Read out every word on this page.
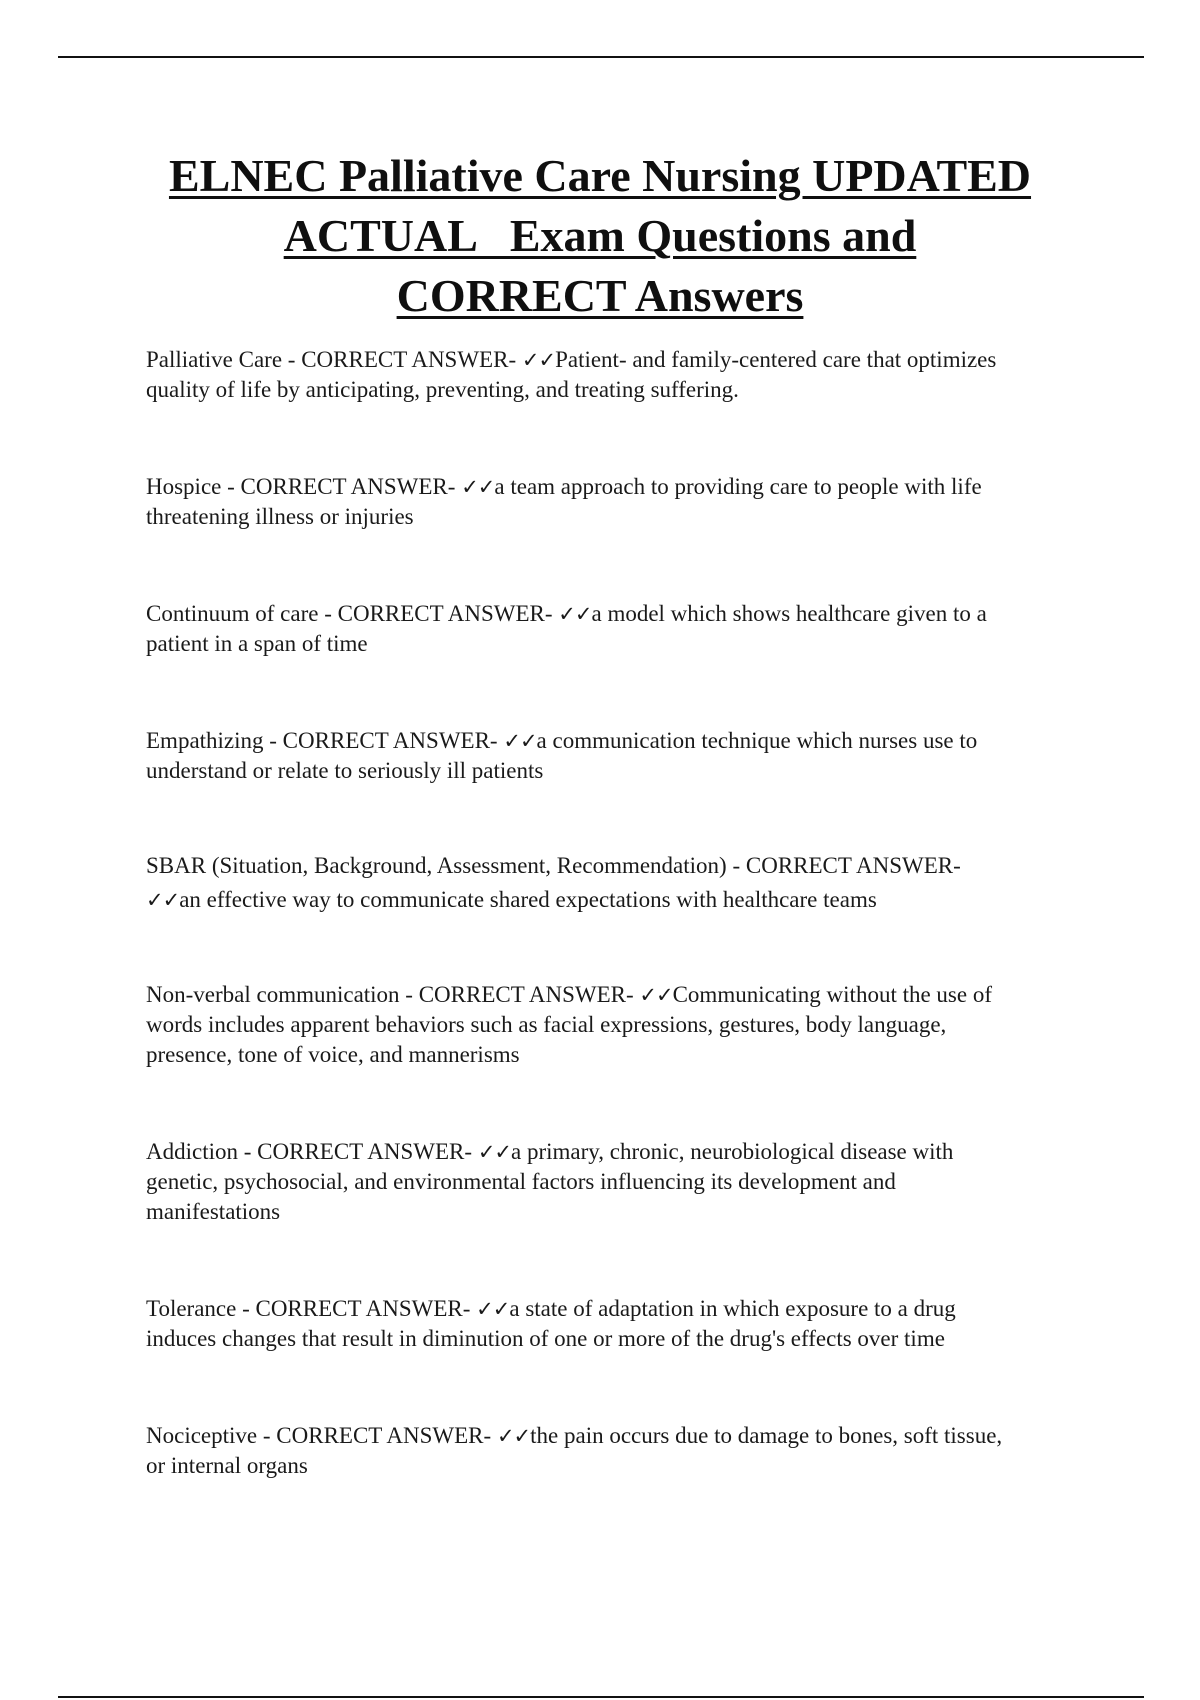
ELNEC Palliative Care Nursing UPDATED
ACTUAL   Exam Questions and
CORRECT Answers

Palliative Care - CORRECT ANSWER- ✓✓Patient- and family-centered care that optimizes
quality of life by anticipating, preventing, and treating suffering.

Hospice - CORRECT ANSWER- ✓✓a team approach to providing care to people with life
threatening illness or injuries

Continuum of care - CORRECT ANSWER- ✓✓a model which shows healthcare given to a
patient in a span of time

Empathizing - CORRECT ANSWER- ✓✓a communication technique which nurses use to
understand or relate to seriously ill patients

SBAR (Situation, Background, Assessment, Recommendation) - CORRECT ANSWER-
✓✓an effective way to communicate shared expectations with healthcare teams

Non-verbal communication - CORRECT ANSWER- ✓✓Communicating without the use of
words includes apparent behaviors such as facial expressions, gestures, body language,
presence, tone of voice, and mannerisms

Addiction - CORRECT ANSWER- ✓✓a primary, chronic, neurobiological disease with
genetic, psychosocial, and environmental factors influencing its development and
manifestations

Tolerance - CORRECT ANSWER- ✓✓a state of adaptation in which exposure to a drug
induces changes that result in diminution of one or more of the drug's effects over time

Nociceptive - CORRECT ANSWER- ✓✓the pain occurs due to damage to bones, soft tissue,
or internal organs
